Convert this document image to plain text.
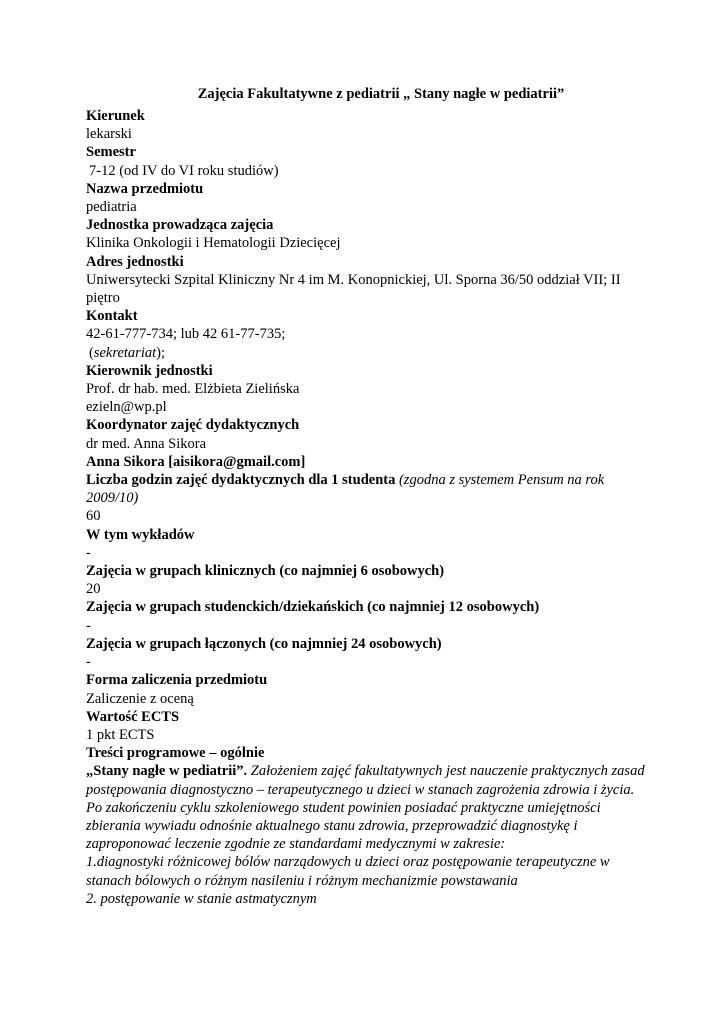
Zajęcia Fakultatywne z pediatrii „ Stany nagłe w pediatrii”

Kierunek

lekarski

Semestr

7-12 (od IV do VI roku studiów)

Nazwa przedmiotu

pediatria

Jednostka prowadząca zajęcia

Klinika Onkologii i Hematologii Dziecięcej

Adres jednostki

Uniwersytecki Szpital Kliniczny Nr 4 im M. Konopnickiej, Ul. Sporna 36/50 oddział VII; II piętro

Kontakt

42-61-777-734; lub 42 61-77-735;

(sekretariat);

Kierownik jednostki

Prof. dr hab. med. Elżbieta Zielińska

ezieln@wp.pl

Koordynator zajęć dydaktycznych

dr med. Anna Sikora

Anna Sikora [aisikora@gmail.com]

Liczba godzin zajęć dydaktycznych dla 1 studenta (zgodna z systemem Pensum na rok 2009/10)

60

W tym wykładów

-

Zajęcia w grupach klinicznych (co najmniej 6 osobowych)

20

Zajęcia w grupach studenckich/dziekańskich (co najmniej 12 osobowych)

-

Zajęcia w grupach łączonych (co najmniej 24 osobowych)

-

Forma zaliczenia przedmiotu

Zaliczenie z oceną

Wartość ECTS

1 pkt ECTS

Treści programowe – ogólnie

„Stany nagłe w pediatrii”. Założeniem zajęć fakultatywnych jest nauczenie praktycznych zasad postępowania diagnostyczno – terapeutycznego u dzieci w stanach zagrożenia zdrowia i życia. Po zakończeniu cyklu szkoleniowego student powinien posiadać praktyczne umiejętności zbierania wywiadu odnośnie aktualnego stanu zdrowia, przeprowadzić diagnostykę i zaproponować leczenie zgodnie ze standardami medycznymi w zakresie:

1.diagnostyki różnicowej bólów narządowych u dzieci oraz postępowanie terapeutyczne w stanach bólowych o różnym nasileniu i różnym mechanizmie powstawania

2. postępowanie w stanie astmatycznym
